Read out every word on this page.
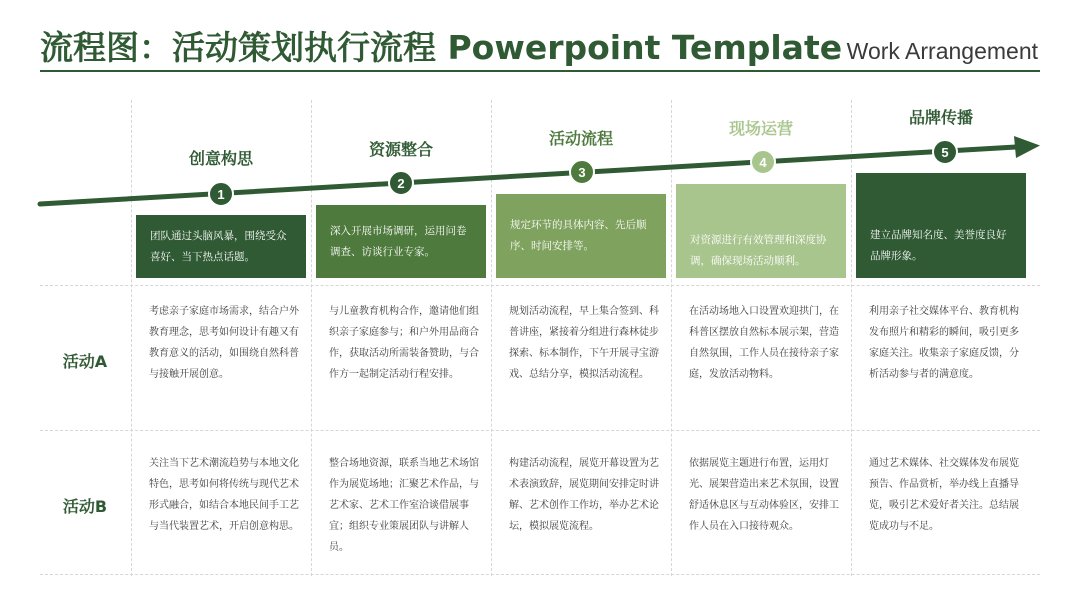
流程图：活动策划执行流程 Powerpoint Template Work Arrangement
创意构思	资源整合
活动流程
现场运营
品牌传播
1
2
3
4
5
团队通过头脑风暴，围绕受众喜好、当下热点话题。
深入开展市场调研，运用问卷调查、访谈行业专家。
规定环节的具体内容、先后顺序、时间安排等。	对资源进行有效管理和深度协调，确保现场活动顺利。
建立品牌知名度、美誉度良好品牌形象。
活动A
活动B
考虑亲子家庭市场需求，结合户外教育理念，思考如何设计有趣又有教育意义的活动，如围绕自然科普与接触开展创意。
与儿童教育机构合作，邀请他们组织亲子家庭参与；和户外用品商合作，获取活动所需装备赞助，与合作方一起制定活动行程安排。
规划活动流程，早上集合签到、科普讲座，紧接着分组进行森林徒步探索、标本制作，下午开展寻宝游戏、总结分享，模拟活动流程。
在活动场地入口设置欢迎拱门，在科普区摆放自然标本展示架，营造自然氛围，工作人员在接待亲子家庭，发放活动物料。
利用亲子社交媒体平台、教育机构发布照片和精彩的瞬间，吸引更多家庭关注。收集亲子家庭反馈，分析活动参与者的满意度。
关注当下艺术潮流趋势与本地文化特色，思考如何将传统与现代艺术形式融合，如结合本地民间手工艺与当代装置艺术，开启创意构思。
整合场地资源，联系当地艺术场馆作为展览场地；汇聚艺术作品，与艺术家、艺术工作室洽谈借展事宜；组织专业策展团队与讲解人员。
构建活动流程，展览开幕设置为艺术表演致辞，展览期间安排定时讲解、艺术创作工作坊，举办艺术论坛，模拟展览流程。
依据展览主题进行布置，运用灯光、展架营造出来艺术氛围，设置舒适休息区与互动体验区，安排工作人员在入口接待观众。
通过艺术媒体、社交媒体发布展览预告、作品赏析，举办线上直播导览，吸引艺术爱好者关注。总结展览成功与不足。
